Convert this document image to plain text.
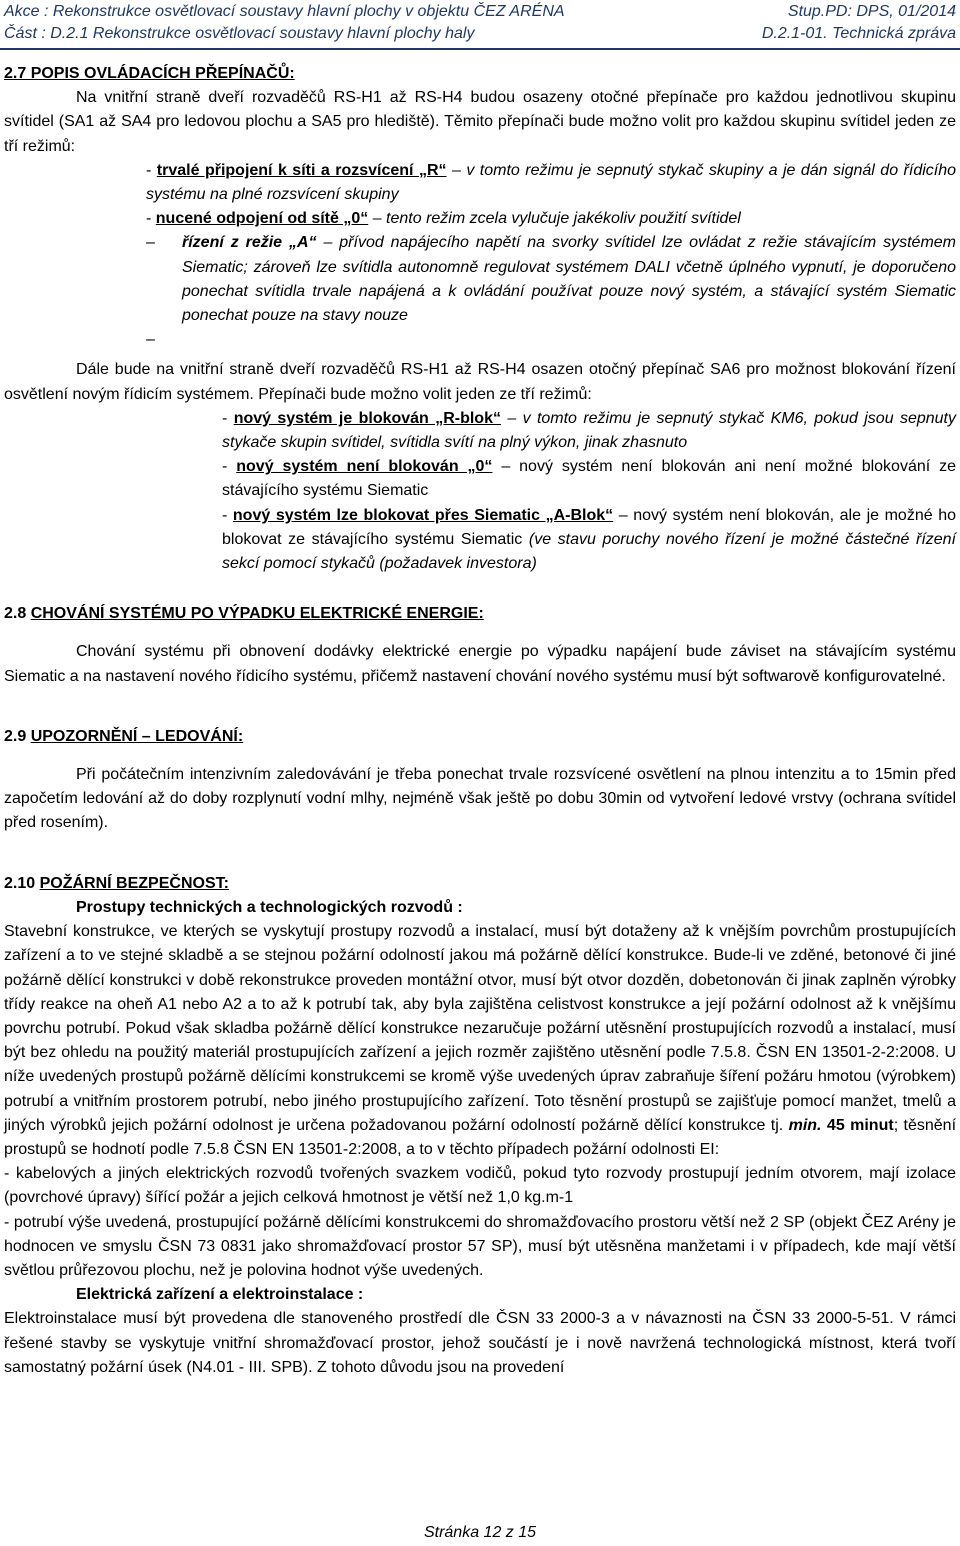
Akce : Rekonstrukce osvětlovací soustavy hlavní plochy v objektu ČEZ ARÉNA	Stup.PD: DPS, 01/2014
Část : D.2.1 Rekonstrukce osvětlovací soustavy hlavní plochy haly	D.2.1-01. Technická zpráva

2.7 POPIS OVLÁDACÍCH PŘEPÍNAČŮ:

Na vnitřní straně dveří rozvaděčů RS-H1 až RS-H4 budou osazeny otočné přepínače pro každou jednotlivou skupinu svítidel (SA1 až SA4 pro ledovou plochu a SA5 pro hlediště). Těmito přepínači bude možno volit pro každou skupinu svítidel jeden ze tří režimů:

- trvalé připojení k síti a rozsvícení „R“ – v tomto režimu je sepnutý stykač skupiny a je dán signál do řídicího systému na plné rozsvícení skupiny

- nucené odpojení od sítě „0“ – tento režim zcela vylučuje jakékoliv použití svítidel

– řízení z režie „A“ – přívod napájecího napětí na svorky svítidel lze ovládat z režie stávajícím systémem Siematic; zároveň lze svítidla autonomně regulovat systémem DALI včetně úplného vypnutí, je doporučeno ponechat svítidla trvale napájená a k ovládání používat pouze nový systém, a stávající systém Siematic ponechat pouze na stavy nouze

–

Dále bude na vnitřní straně dveří rozvaděčů RS-H1 až RS-H4 osazen otočný přepínač SA6 pro možnost blokování řízení osvětlení novým řídicím systémem. Přepínači bude možno volit jeden ze tří režimů:

- nový systém je blokován „R-blok“ – v tomto režimu je sepnutý stykač KM6, pokud jsou sepnuty stykače skupin svítidel, svítidla svítí na plný výkon, jinak zhasnuto

- nový systém není blokován „0“ – nový systém není blokován ani není možné blokování ze stávajícího systému Siematic

- nový systém lze blokovat přes Siematic „A-Blok“ – nový systém není blokován, ale je možné ho blokovat ze stávajícího systému Siematic (ve stavu poruchy nového řízení je možné částečné řízení sekcí pomocí stykačů (požadavek investora)

2.8 CHOVÁNÍ SYSTÉMU PO VÝPADKU ELEKTRICKÉ ENERGIE:

Chování systému při obnovení dodávky elektrické energie po výpadku napájení bude záviset na stávajícím systému Siematic a na nastavení nového řídicího systému, přičemž nastavení chování nového systému musí být softwarově konfigurovatelné.

2.9 UPOZORNĚNÍ – LEDOVÁNÍ:

Při počátečním intenzivním zaledovávání je třeba ponechat trvale rozsvícené osvětlení na plnou intenzitu a to 15min před započetím ledování až do doby rozplynutí vodní mlhy, nejméně však ještě po dobu 30min od vytvoření ledové vrstvy (ochrana svítidel před rosením).

2.10 POŽÁRNÍ BEZPEČNOST:

Prostupy technických a technologických rozvodů :

Stavební konstrukce, ve kterých se vyskytují prostupy rozvodů a instalací, musí být dotaženy až k vnějším povrchům prostupujících zařízení a to ve stejné skladbě a se stejnou požární odolností jakou má požárně dělící konstrukce. Bude-li ve zděné, betonové či jiné požárně dělící konstrukci v době rekonstrukce proveden montážní otvor, musí být otvor dozděn, dobetonován či jinak zaplněn výrobky třídy reakce na oheň A1 nebo A2 a to až k potrubí tak, aby byla zajištěna celistvost konstrukce a její požární odolnost až k vnějšímu povrchu potrubí. Pokud však skladba požárně dělící konstrukce nezaručuje požární utěsnění prostupujících rozvodů a instalací, musí být bez ohledu na použitý materiál prostupujících zařízení a jejich rozměr zajištěno utěsnění podle 7.5.8. ČSN EN 13501-2-2:2008. U níže uvedených prostupů požárně dělícími konstrukcemi se kromě výše uvedených úprav zabraňuje šíření požáru hmotou (výrobkem) potrubí a vnitřním prostorem potrubí, nebo jiného prostupujícího zařízení. Toto těsnění prostupů se zajišťuje pomocí manžet, tmelů a jiných výrobků jejich požární odolnost je určena požadovanou požární odolností požárně dělící konstrukce tj. min. 45 minut; těsnění prostupů se hodnotí podle 7.5.8 ČSN EN 13501-2:2008, a to v těchto případech požární odolnosti EI:

- kabelových a jiných elektrických rozvodů tvořených svazkem vodičů, pokud tyto rozvody prostupují jedním otvorem, mají izolace (povrchové úpravy) šířící požár a jejich celková hmotnost je větší než 1,0 kg.m-1

- potrubí výše uvedená, prostupující požárně dělícími konstrukcemi do shromažďovacího prostoru větší než 2 SP (objekt ČEZ Arény je hodnocen ve smyslu ČSN 73 0831 jako shromažďovací prostor 57 SP), musí být utěsněna manžetami i v případech, kde mají větší světlou průřezovou plochu, než je polovina hodnot výše uvedených.

Elektrická zařízení a elektroinstalace :

Elektroinstalace musí být provedena dle stanoveného prostředí dle ČSN 33 2000-3 a v návaznosti na ČSN 33 2000-5-51. V rámci řešené stavby se vyskytuje vnitřní shromažďovací prostor, jehož součástí je i nově navržená technologická místnost, která tvoří samostatný požární úsek (N4.01 - III. SPB). Z tohoto důvodu jsou na provedení

Stránka 12 z 15
